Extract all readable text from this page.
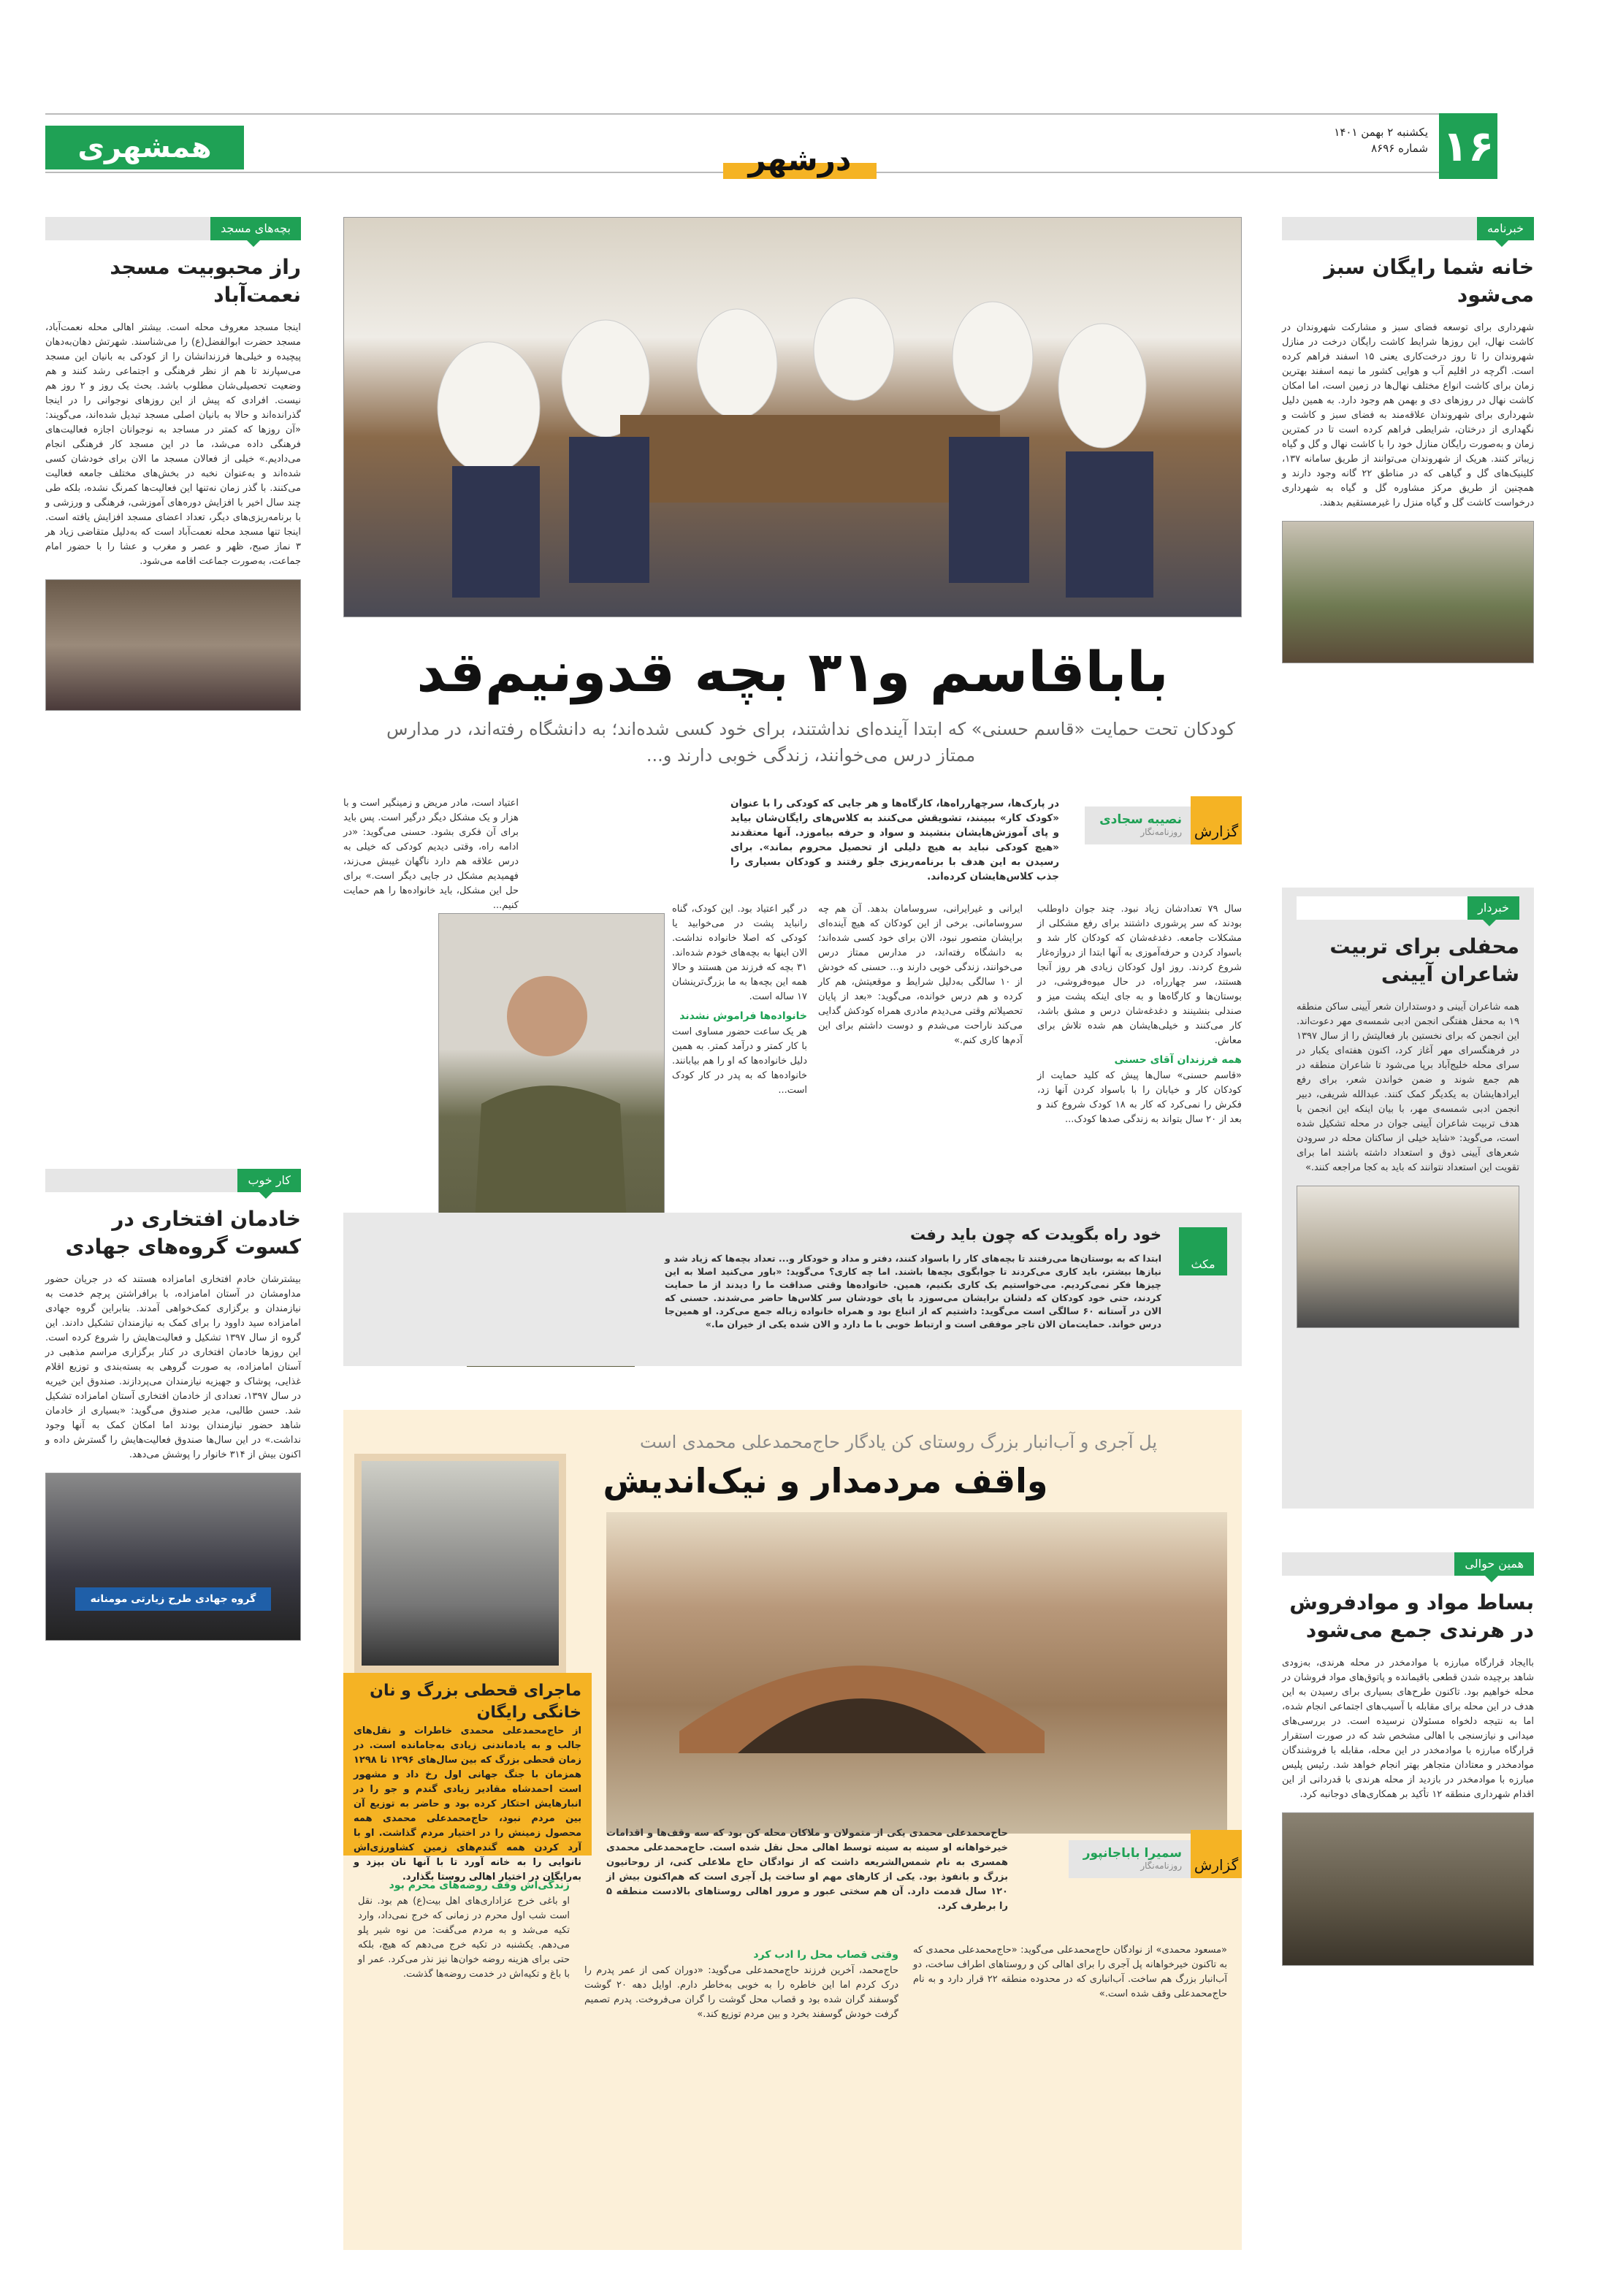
۱۶
یکشنبه ۲ بهمن ۱۴۰۱
شماره ۸۶۹۶
همشهری	درشهر
باباقاسم و۳۱ بچه قدونیم‌قد
کودکان تحت حمایت «قاسم حسنی» که ابتدا آینده‌ای نداشتند، برای خود کسی شده‌اند؛ به دانشگاه رفته‌اند، در مدارس ممتاز درس می‌خوانند، زندگی خوبی دارند و...
گزارش
نصیبه سجادی
روزنامه‌نگار
در پارک‌ها، سرچهارراه‌ها، کارگاه‌ها و هر جایی که کودکی را با عنوان «کودک کار» ببینند، تشویقش می‌کنند به کلاس‌های رایگان‌شان بیاید و پای آموزش‌هایشان بنشیند و سواد و حرفه بیاموزد. آنها معتقدند «هیچ کودکی نباید به هیچ دلیلی از تحصیل محروم بماند». برای رسیدن به این هدف با برنامه‌ریزی جلو رفتند و کودکان بسیاری را جذب کلاس‌هایشان کرده‌اند.
سال ۷۹ تعدادشان زیاد نبود. چند جوان داوطلب بودند که سر پرشوری داشتند برای رفع مشکلی از مشکلات جامعه. دغدغه‌شان که کودکان کار شد و باسواد کردن و حرفه‌آموزی به آنها ابتدا از دروازه‌غار شروع کردند. روز اول کودکان زیادی هر روز آنجا هستند، سر چهارراه، در حال میوه‌فروشی، در بوستان‌ها و کارگاه‌ها و به جای اینکه پشت میز و صندلی بنشینند و دغدغه‌شان درس و مشق باشد، کار می‌کنند و خیلی‌هایشان هم شده تلاش برای معاش.
همه فرزندان آقای حسنی
«قاسم حسنی» سال‌ها پیش که کلید حمایت از کودکان کار و خیابان را با باسواد کردن آنها زد، فکرش را نمی‌کرد که کار به ۱۸ کودک شروع کند و بعد از ۲۰ سال بتواند به زندگی صدها کودک...
ایرانی و غیرایرانی، سروسامان بدهد. آن هم چه سروسامانی. برخی از این کودکان که هیچ آینده‌ای برایشان متصور نبود، الان برای خود کسی شده‌اند؛ به دانشگاه رفته‌اند، در مدارس ممتاز درس می‌خوانند، زندگی خوبی دارند و... حسنی که خودش از ۱۰ سالگی به‌دلیل شرایط و موقعیتش، هم کار کرده و هم درس خوانده، می‌گوید: «بعد از پایان تحصیلاتم وقتی می‌دیدم مادری همراه کودکش گدایی می‌کند ناراحت می‌شدم و دوست داشتم برای این آدم‌ها کاری کنم.»
در گیر اعتیاد بود. این کودک، گناه رانباید پشت در می‌خوابید یا کودکی که اصلا خانواده نداشت. الان اینها به بچه‌های خودم شده‌اند. ۳۱ بچه که فرزند من هستند و حالا همه این بچه‌ها به ما بزرگ‌ترینشان ۱۷ ساله است.
خانواده‌ها فراموش نشدند
هر یک ساعت حضور مساوی است با کار کمتر و درآمد کمتر. به همین دلیل خانواده‌ها که او را هم بیابانند. خانواده‌ها که به پدر در کار کودک است...
اعتیاد است، مادر مریض و زمینگیر است و با هزار و یک مشکل دیگر درگیر است. پس باید برای آن فکری بشود. حسنی می‌گوید: «در ادامه راه، وقتی دیدیم کودکی که خیلی به درس علاقه هم دارد ناگهان غیبش می‌زند، فهمیدیم مشکل در جایی دیگر است.» برای حل این مشکل، باید خانواده‌ها را هم حمایت کنیم...
مکث
خود راه بگویدت که چون باید رفت
ابتدا که به بوستان‌ها می‌رفتند تا بچه‌های کار را باسواد کنند، دفتر و مداد و خودکار و... تعداد بچه‌ها که زیاد شد و نیازها بیشتر، باید کاری می‌کردند تا جوابگوی بچه‌ها باشند. اما چه کاری؟ می‌گوید: «باور می‌کنید اصلا به این چیزها فکر نمی‌کردیم. می‌خواستیم یک کاری بکنیم، همین. خانواده‌ها وقتی صداقت ما را دیدند از ما حمایت کردند، حتی خود کودکان که دلشان برایشان می‌سوزد با پای خودشان سر کلاس‌ها حاضر می‌شدند. حسنی که الان در آستانه ۶۰ سالگی است می‌گوید: داشتیم که از اتباع بود و همراه خانواده زباله جمع می‌کرد. او همین‌جا درس خواند. حمایت‌مان الان تاجر موفقی است و ارتباط خوبی با ما دارد و الان شده یکی از خیران ما.»
پل آجری و آب‌انبار بزرگ روستای کن یادگار حاج‌محمدعلی محمدی است
واقف مردمدار و نیک‌اندیش
ماجرای قحطی بزرگ و نان خانگی رایگان

از حاج‌محمدعلی محمدی خاطرات و نقل‌های جالب و به یادماندنی زیادی به‌جامانده است. در زمان قحطی بزرگ که بین سال‌های ۱۲۹۶ تا ۱۲۹۸ همزمان با جنگ جهانی اول رخ داد و مشهور است احمدشاه مقادیر زیادی گندم و جو را در انبارهایش احتکار کرده بود و حاضر به توزیع آن بین مردم نبود، حاج‌محمدعلی محمدی همه محصول زمینش را در اختیار مردم گذاشت. او با آرد کردن همه گندم‌های زمین کشاورزی‌اش نانوایی را به خانه آورد تا با آنها نان بپزد و به‌رایگان در اختیار اهالی روستا بگذارد.

گزارش
سمیرا باباجانپور
روزنامه‌نگار
حاج‌محمدعلی محمدی یکی از متمولان و ملاکان محله کن بود که سه وقف‌ها و اقدامات خیرخواهانه او سینه به سینه توسط اهالی محل نقل شده است. حاج‌محمدعلی محمدی همسری به نام شمس‌الشریعه داشت که از نوادگان حاج ملاعلی کنی، از روحانیون بزرگ و بانفوذ بود. یکی از کارهای مهم او ساخت پل آجری است که هم‌اکنون بیش از ۱۲۰ سال قدمت دارد. آن هم سختی عبور و مرور اهالی روستاهای بالادست منطقه ۵ را برطرف کرد.
زندگی‌اش وقف روضه‌های محرم بود
او باغی خرج عزاداری‌های اهل بیت(ع) هم بود. نقل است شب اول محرم در زمانی که خرج نمی‌داد، وارد تکیه می‌شد و به مردم می‌گفت: من نوه شیر پلو می‌دهم. یکشنبه در تکیه خرج می‌دهم که هیچ، بلکه حتی برای هزینه روضه خوان‌ها نیز نذر می‌کرد. عمر او با باغ و تکیه‌اش در خدمت روضه‌ها گذشت.
وقتی قصاب محل را ادب کرد
حاج‌محمد، آخرین فرزند حاج‌محمدعلی می‌گوید: «دوران کمی از عمر پدرم را درک کردم اما این خاطره را به خوبی به‌خاطر دارم. اوایل دهه ۲۰ گوشت گوسفند گران شده بود و قصاب محل گوشت را گران می‌فروخت. پدرم تصمیم گرفت خودش گوسفند بخرد و بین مردم توزیع کند.»
«مسعود محمدی» از نوادگان حاج‌محمدعلی می‌گوید: «حاج‌محمدعلی محمدی که به تاکنون خیرخواهانه پل آجری را برای اهالی کن و روستاهای اطراف ساخت، دو آب‌انبار بزرگ هم ساخت. آب‌انباری که در محدوده منطقه ۲۲ قرار دارد و به نام حاج‌محمدعلی وقف شده است.»
خبرنامه
خانه شما رایگان سبز می‌شود
شهرداری برای توسعه فضای سبز و مشارکت شهروندان در کاشت نهال، این روزها شرایط کاشت رایگان درخت در منازل شهروندان را تا روز درخت‌کاری یعنی ۱۵ اسفند فراهم کرده است. اگرچه در اقلیم آب و هوایی کشور ما نیمه اسفند بهترین زمان برای کاشت انواع مختلف نهال‌ها در زمین است، اما امکان کاشت نهال در روزهای دی و بهمن هم وجود دارد. به همین دلیل شهرداری برای شهروندان علاقه‌مند به فضای سبز و کاشت و نگهداری از درختان، شرایطی فراهم کرده است تا در کمترین زمان و به‌صورت رایگان منازل خود را با کاشت نهال و گل و گیاه زیباتر کنند. هریک از شهروندان می‌توانند از طریق سامانه ۱۳۷، کلینیک‌های گل و گیاهی که در مناطق ۲۲ گانه وجود دارند و همچنین از طریق مرکز مشاوره گل و گیاه به شهرداری درخواست کاشت گل و گیاه منزل را غیرمستقیم بدهند.
خبردار
محفلی برای تربیت شاعران آیینی
همه شاعران آیینی و دوستداران شعر آیینی ساکن منطقه ۱۹ به محفل هفتگی انجمن ادبی شمسه‌ی مهر دعوت‌اند. این انجمن که برای نخستین بار فعالیتش را از سال ۱۳۹۷ در فرهنگسرای مهر آغاز کرد، اکنون هفته‌ای یکبار در سرای محله خلیج‌آباد برپا می‌شود تا شاعران منطقه در هم جمع شوند و ضمن خواندن شعر، برای رفع ایرادهایشان به یکدیگر کمک کنند. عبدالله شریفی، دبیر انجمن ادبی شمسه‌ی مهر، با بیان اینکه این انجمن با هدف تربیت شاعران آیینی جوان در محله تشکیل شده است، می‌گوید: «شاید خیلی از ساکنان محله در سرودن شعرهای آیینی ذوق و استعداد داشته باشند اما برای تقویت این استعداد نتوانند که باید به کجا مراجعه کنند.»
همین حوالی
بساط مواد و موادفروش در هرندی جمع می‌شود
باایجاد قرارگاه مبارزه با موادمخدر در محله هرندی، به‌زودی شاهد برچیده شدن قطعی باقیمانده و پاتوق‌های مواد فروشان در محله خواهیم بود. تاکنون طرح‌های بسیاری برای رسیدن به این هدف در این محله برای مقابله با آسیب‌های اجتماعی انجام شده، اما به نتیجه دلخواه مسئولان نرسیده است. در بررسی‌های میدانی و نیازسنجی با اهالی مشخص شد که در صورت استقرار قرارگاه مبارزه با موادمخدر در این محله، مقابله با فروشندگان موادمخدر و معتادان متجاهر بهتر انجام خواهد شد. رئیس پلیس مبارزه با موادمخدر در بازدید از محله هرندی با قدردانی از این اقدام شهرداری منطقه ۱۲ تأکید بر همکاری‌های دوجانبه کرد.
بچه‌های مسجد
راز محبوبیت مسجد نعمت‌آباد
اینجا مسجد معروف محله است. بیشتر اهالی محله نعمت‌آباد، مسجد حضرت ابوالفضل(ع) را می‌شناسند. شهرتش دهان‌به‌دهان پیچیده و خیلی‌ها فرزندانشان را از کودکی به بانیان این مسجد می‌سپارند تا هم از نظر فرهنگی و اجتماعی رشد کنند و هم وضعیت تحصیلی‌شان مطلوب باشد. بحث یک روز و ۲ روز هم نیست. افرادی که پیش از این روزهای نوجوانی را در اینجا گذرانده‌اند و حالا به بانیان اصلی مسجد تبدیل شده‌اند، می‌گویند: «آن روزها که کمتر در مساجد به نوجوانان اجازه فعالیت‌های فرهنگی داده می‌شد، ما در این مسجد کار فرهنگی انجام می‌دادیم.» خیلی از فعالان مسجد ما الان برای خودشان کسی شده‌اند و به‌عنوان نخبه در بخش‌های مختلف جامعه فعالیت می‌کنند. با گذر زمان نه‌تنها این فعالیت‌ها کمرنگ نشده، بلکه طی چند سال اخیر با افزایش دوره‌های آموزشی، فرهنگی و ورزشی و با برنامه‌ریزی‌های دیگر، تعداد اعضای مسجد افزایش یافته است. اینجا تنها مسجد محله نعمت‌آباد است که به‌دلیل متقاضی زیاد هر ۳ نماز صبح، ظهر و عصر و مغرب و عشا را با حضور امام جماعت، به‌صورت جماعت اقامه می‌شود.
کار خوب
خادمان افتخاری در کسوت گروه‌های جهادی
بیشترشان خادم افتخاری امامزاده هستند که در جریان حضور مداومشان در آستان امامزاده، با برافراشتن پرچم خدمت به نیازمندان و برگزاری کمک‌خواهی آمدند. بنابراین گروه جهادی امامزاده سید داوود را برای کمک به نیازمندان تشکیل دادند. این گروه از سال ۱۳۹۷ تشکیل و فعالیت‌هایش را شروع کرده است. این روزها خادمان افتخاری در کنار برگزاری مراسم مذهبی در آستان امامزاده، به صورت گروهی به بسته‌بندی و توزیع اقلام غذایی، پوشاک و جهیزیه نیازمندان می‌پردازند. صندوق این خیریه در سال ۱۳۹۷، تعدادی از خادمان افتخاری آستان امامزاده تشکیل شد. حسن طالبی، مدیر صندوق می‌گوید: «بسیاری از خادمان شاهد حضور نیازمندان بودند اما امکان کمک به آنها وجود نداشت.» در این سال‌ها صندوق فعالیت‌هایش را گسترش داده و اکنون بیش از ۳۱۴ خانوار را پوشش می‌دهد.
گروه جهادی طرح زیارتی مومنانه
